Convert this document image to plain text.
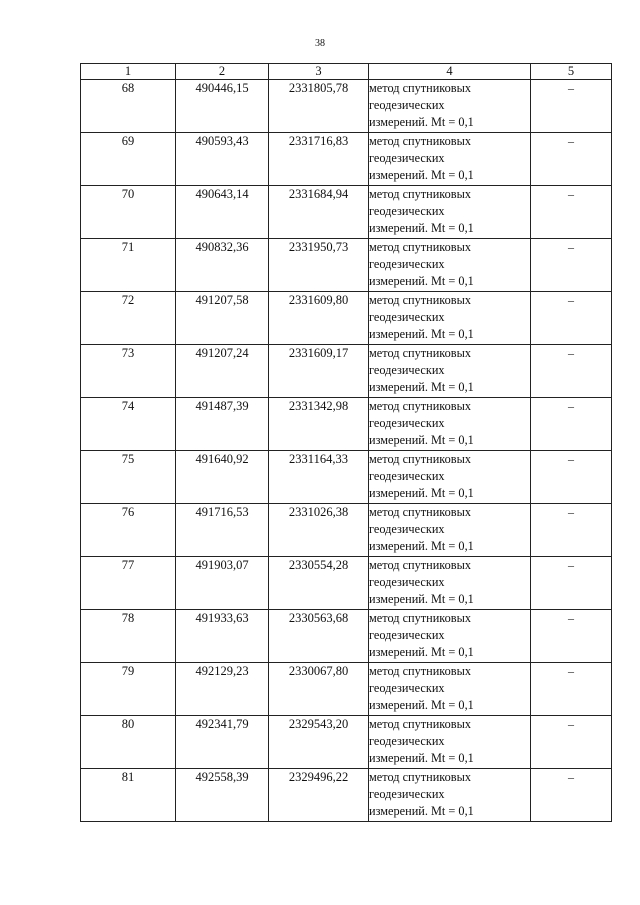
38
1	2	3	4	5
68	490446,15	2331805,78	метод спутниковых
геодезических
измерений. Mt = 0,1	–
69	490593,43	2331716,83	метод спутниковых
геодезических
измерений. Mt = 0,1	–
70	490643,14	2331684,94	метод спутниковых
геодезических
измерений. Mt = 0,1	–
71	490832,36	2331950,73	метод спутниковых
геодезических
измерений. Mt = 0,1	–
72	491207,58	2331609,80	метод спутниковых
геодезических
измерений. Mt = 0,1	–
73	491207,24	2331609,17	метод спутниковых
геодезических
измерений. Mt = 0,1	–
74	491487,39	2331342,98	метод спутниковых
геодезических
измерений. Mt = 0,1	–
75	491640,92	2331164,33	метод спутниковых
геодезических
измерений. Mt = 0,1	–
76	491716,53	2331026,38	метод спутниковых
геодезических
измерений. Mt = 0,1	–
77	491903,07	2330554,28	метод спутниковых
геодезических
измерений. Mt = 0,1	–
78	491933,63	2330563,68	метод спутниковых
геодезических
измерений. Mt = 0,1	–
79	492129,23	2330067,80	метод спутниковых
геодезических
измерений. Mt = 0,1	–
80	492341,79	2329543,20	метод спутниковых
геодезических
измерений. Mt = 0,1	–
81	492558,39	2329496,22	метод спутниковых
геодезических
измерений. Mt = 0,1	–
